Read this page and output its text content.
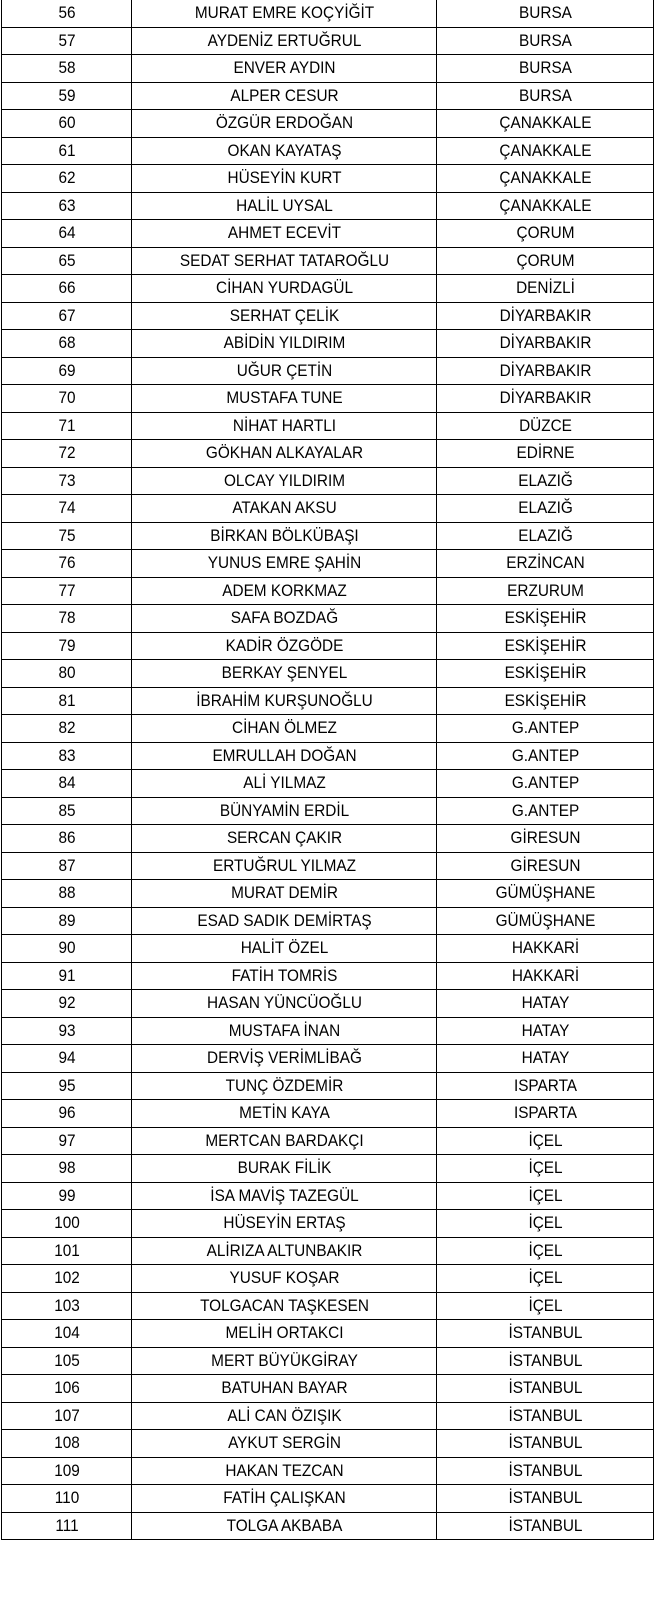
56	MURAT EMRE KOÇYİĞİT	BURSA
57	AYDENİZ ERTUĞRUL	BURSA
58	ENVER AYDIN	BURSA
59	ALPER CESUR	BURSA
60	ÖZGÜR ERDOĞAN	ÇANAKKALE
61	OKAN KAYATAŞ	ÇANAKKALE
62	HÜSEYİN KURT	ÇANAKKALE
63	HALİL UYSAL	ÇANAKKALE
64	AHMET ECEVİT	ÇORUM
65	SEDAT SERHAT TATAROĞLU	ÇORUM
66	CİHAN YURDAGÜL	DENİZLİ
67	SERHAT ÇELİK	DİYARBAKIR
68	ABİDİN YILDIRIM	DİYARBAKIR
69	UĞUR ÇETİN	DİYARBAKIR
70	MUSTAFA TUNE	DİYARBAKIR
71	NİHAT HARTLI	DÜZCE
72	GÖKHAN ALKAYALAR	EDİRNE
73	OLCAY YILDIRIM	ELAZIĞ
74	ATAKAN AKSU	ELAZIĞ
75	BİRKAN BÖLKÜBAŞI	ELAZIĞ
76	YUNUS EMRE ŞAHİN	ERZİNCAN
77	ADEM KORKMAZ	ERZURUM
78	SAFA BOZDAĞ	ESKİŞEHİR
79	KADİR ÖZGÖDE	ESKİŞEHİR
80	BERKAY ŞENYEL	ESKİŞEHİR
81	İBRAHİM KURŞUNOĞLU	ESKİŞEHİR
82	CİHAN ÖLMEZ	G.ANTEP
83	EMRULLAH DOĞAN	G.ANTEP
84	ALİ YILMAZ	G.ANTEP
85	BÜNYAMİN ERDİL	G.ANTEP
86	SERCAN ÇAKIR	GİRESUN
87	ERTUĞRUL YILMAZ	GİRESUN
88	MURAT DEMİR	GÜMÜŞHANE
89	ESAD SADIK DEMİRTAŞ	GÜMÜŞHANE
90	HALİT ÖZEL	HAKKARİ
91	FATİH TOMRİS	HAKKARİ
92	HASAN YÜNCÜOĞLU	HATAY
93	MUSTAFA İNAN	HATAY
94	DERVİŞ VERİMLİBAĞ	HATAY
95	TUNÇ ÖZDEMİR	ISPARTA
96	METİN KAYA	ISPARTA
97	MERTCAN BARDAKÇI	İÇEL
98	BURAK FİLİK	İÇEL
99	İSA MAVİŞ TAZEGÜL	İÇEL
100	HÜSEYİN ERTAŞ	İÇEL
101	ALİRIZA ALTUNBAKIR	İÇEL
102	YUSUF KOŞAR	İÇEL
103	TOLGACAN TAŞKESEN	İÇEL
104	MELİH ORTAKCI	İSTANBUL
105	MERT BÜYÜKGİRAY	İSTANBUL
106	BATUHAN BAYAR	İSTANBUL
107	ALİ CAN ÖZIŞIK	İSTANBUL
108	AYKUT SERGİN	İSTANBUL
109	HAKAN TEZCAN	İSTANBUL
110	FATİH ÇALIŞKAN	İSTANBUL
111	TOLGA AKBABA	İSTANBUL
